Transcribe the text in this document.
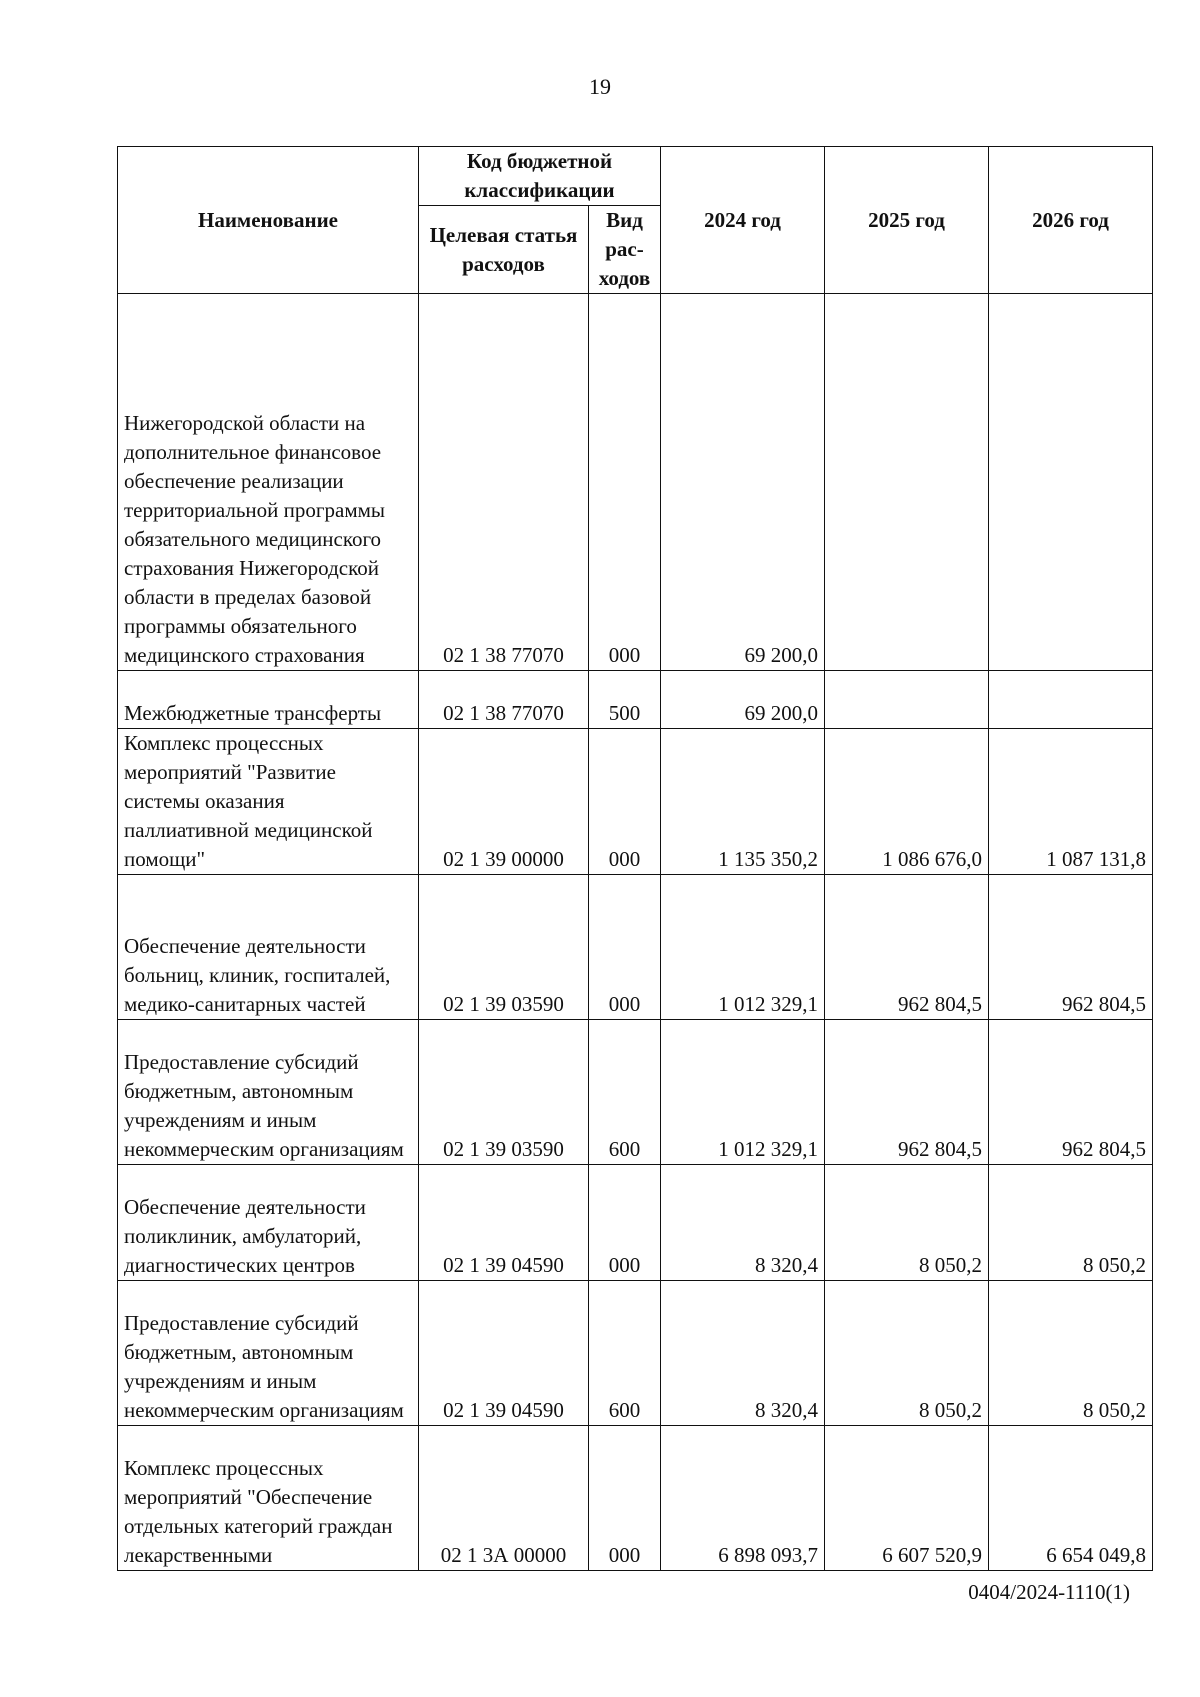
19
Наименование	Код бюджетной классификации		2024 год	2025 год	2026 год
	Целевая статья расходов	Вид рас-ходов			
Нижегородской области на дополнительное финансовое обеспечение реализации территориальной программы обязательного медицинского страхования Нижегородской области в пределах базовой программы обязательного медицинского страхования	02 1 38 77070	000	69 200,0		
Межбюджетные трансферты	02 1 38 77070	500	69 200,0		
Комплекс процессных мероприятий "Развитие системы оказания паллиативной медицинской помощи"	02 1 39 00000	000	1 135 350,2	1 086 676,0	1 087 131,8
Обеспечение деятельности больниц, клиник, госпиталей, медико-санитарных частей	02 1 39 03590	000	1 012 329,1	962 804,5	962 804,5
Предоставление субсидий бюджетным, автономным учреждениям и иным некоммерческим организациям	02 1 39 03590	600	1 012 329,1	962 804,5	962 804,5
Обеспечение деятельности поликлиник, амбулаторий, диагностических центров	02 1 39 04590	000	8 320,4	8 050,2	8 050,2
Предоставление субсидий бюджетным, автономным учреждениям и иным некоммерческим организациям	02 1 39 04590	600	8 320,4	8 050,2	8 050,2
Комплекс процессных мероприятий "Обеспечение отдельных категорий граждан лекарственными	02 1 3А 00000	000	6 898 093,7	6 607 520,9	6 654 049,8
0404/2024-1110(1)
